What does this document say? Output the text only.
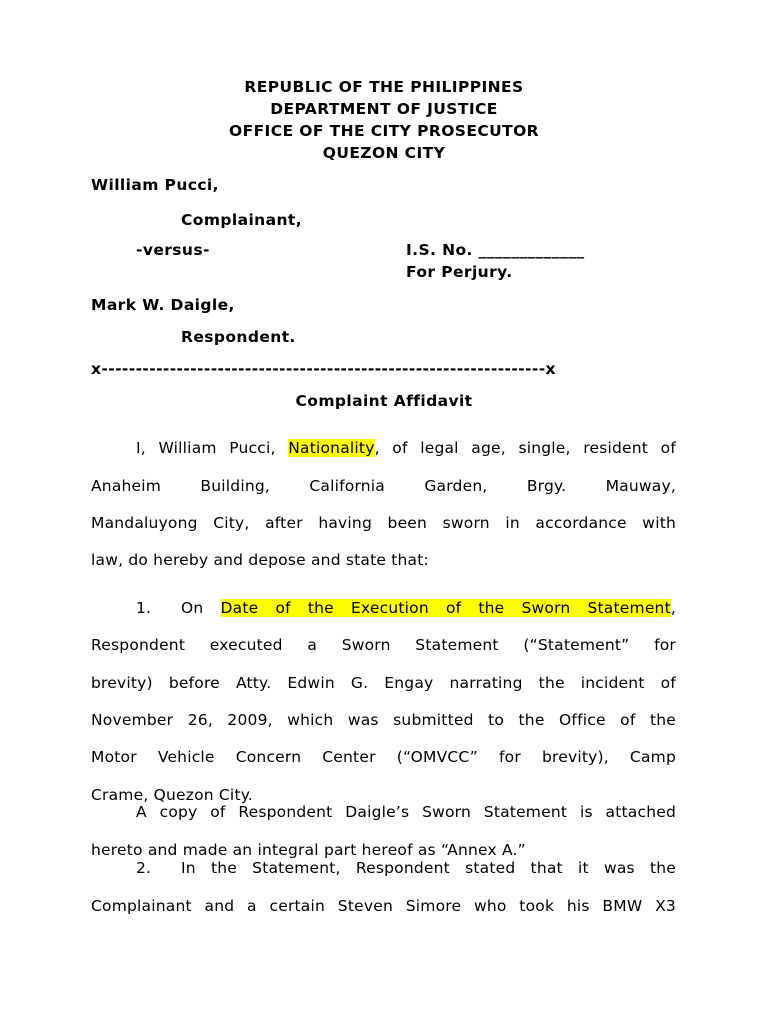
REPUBLIC OF THE PHILIPPINES
DEPARTMENT OF JUSTICE
OFFICE OF THE CITY PROSECUTOR
QUEZON CITY
William Pucci,
Complainant,
-versus-	I.S. No. _____________
For Perjury.
Mark W. Daigle,
Respondent.
x-----------------------------------------------------------------x
Complaint Affidavit
I, William Pucci, Nationality, of legal age, single, resident of
Anaheim Building, California Garden, Brgy. Mauway,
Mandaluyong City, after having been sworn in accordance with
law, do hereby and depose and state that:
1. On Date of the Execution of the Sworn Statement,
Respondent executed a Sworn Statement (“Statement” for
brevity) before Atty. Edwin G. Engay narrating the incident of
November 26, 2009, which was submitted to the Office of the
Motor Vehicle Concern Center (“OMVCC” for brevity), Camp
Crame, Quezon City.
A copy of Respondent Daigle’s Sworn Statement is attached
hereto and made an integral part hereof as “Annex A.”
2. In the Statement, Respondent stated that it was the
Complainant and a certain Steven Simore who took his BMW X3
